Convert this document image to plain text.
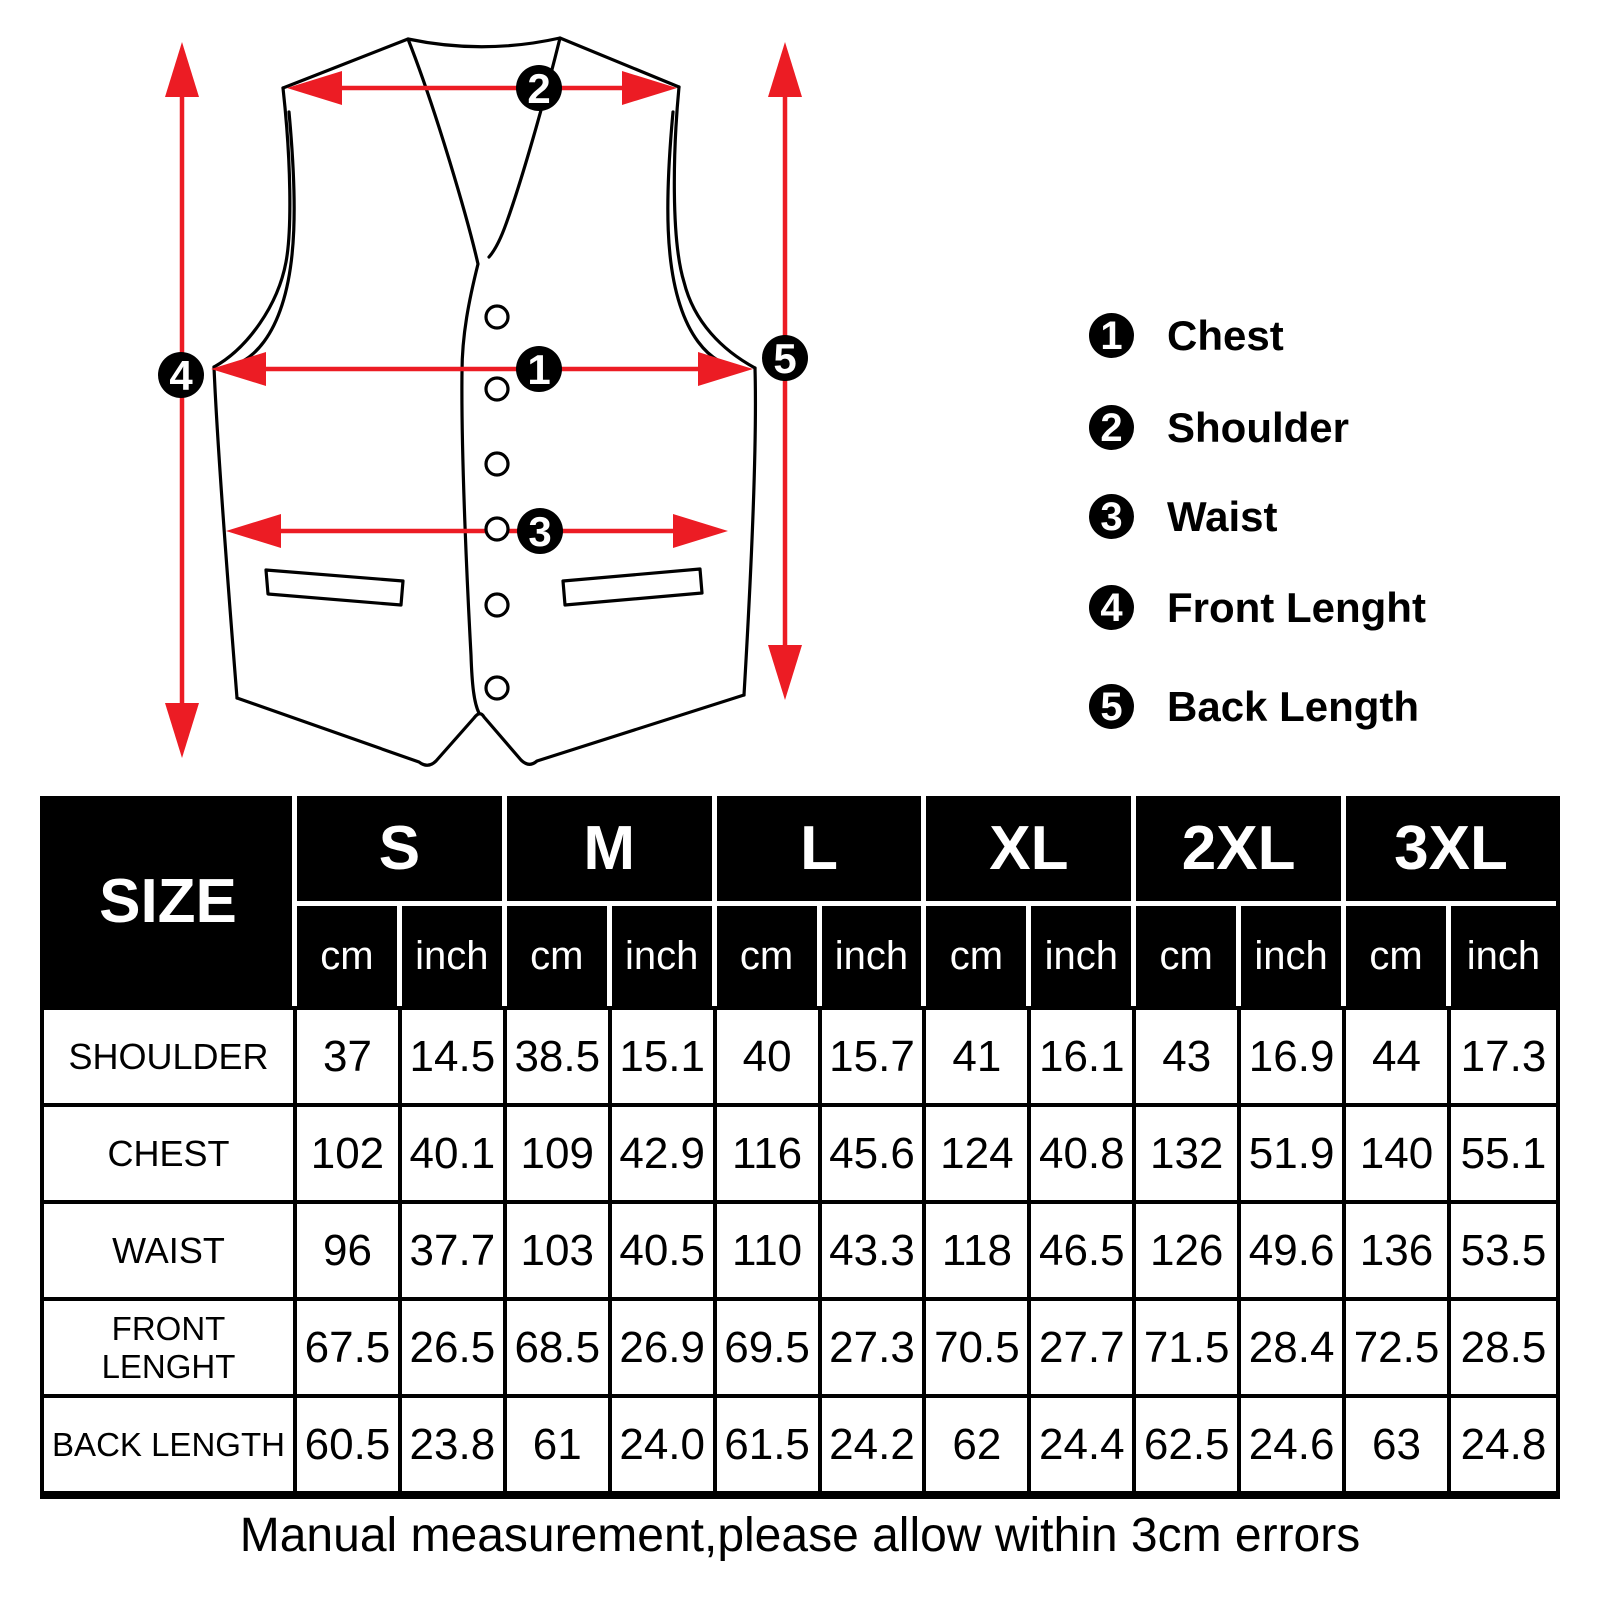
1
2
3
4	5	1 Chest
2 Shoulder
3 Waist
4 Front Lenght
5 Back Length
SIZE	S		M		L		XL		2XL		3XL	
	cm	inch	cm	inch	cm	inch	cm	inch	cm	inch	cm	inch
SHOULDER	37	14.5	38.5	15.1	40	15.7	41	16.1	43	16.9	44	17.3
CHEST	102	40.1	109	42.9	116	45.6	124	40.8	132	51.9	140	55.1
WAIST	96	37.7	103	40.5	110	43.3	118	46.5	126	49.6	136	53.5
FRONT LENGHT	67.5	26.5	68.5	26.9	69.5	27.3	70.5	27.7	71.5	28.4	72.5	28.5
BACK LENGTH	60.5	23.8	61	24.0	61.5	24.2	62	24.4	62.5	24.6	63	24.8
Manual measurement,please allow within 3cm errors
